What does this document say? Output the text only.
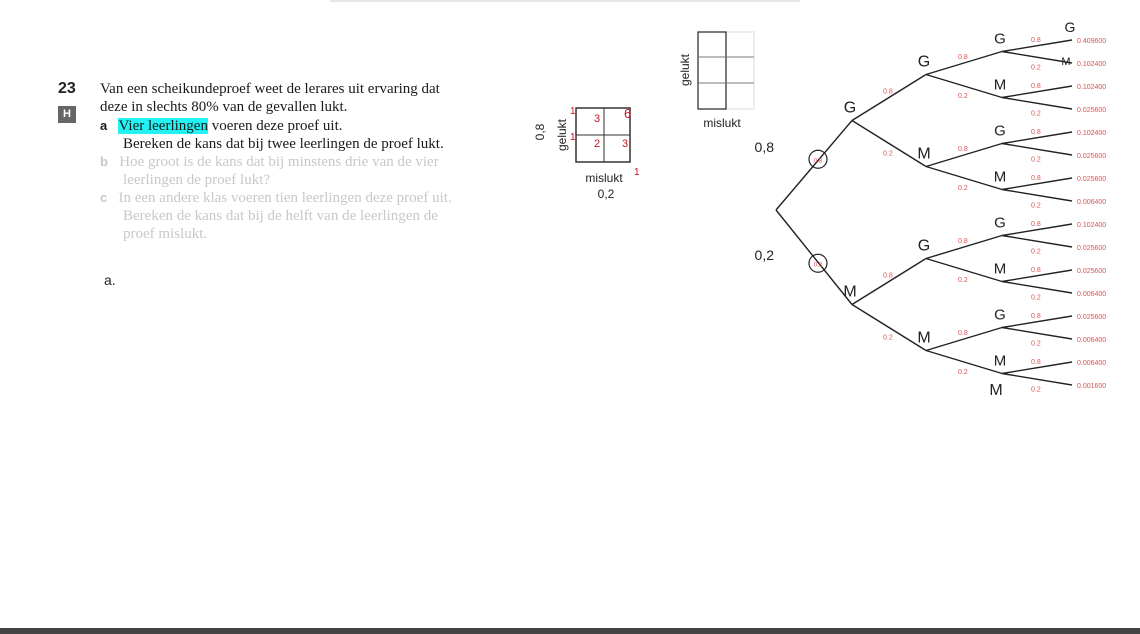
23
H
Van een scheikundeproef weet de lerares uit ervaring dat
deze in slechts 80% van de gevallen lukt.
a Vier leerlingen voeren deze proef uit.
Bereken de kans dat bij twee leerlingen de proef lukt.
b Hoe groot is de kans dat bij minstens drie van de vier
leerlingen de proef lukt?
c In een andere klas voeren tien leerlingen deze proef uit.
Bereken de kans dat bij de helft van de leerlingen de
proef mislukt.
a.
gelukt
mislukt
0,8
0,2
3 6
2 3
1
1
1
gelukt
mislukt
0.8
0,8
G
0.2
0,2
M
0.8
G
0.2 M
0.8
G
0.2 M
0.8
G
0.2
M
0.8
G
0.2
M
0.8
G
0.2
M
0.8
G
0.2
M
0.8	0.409600
G
0.2	0.102400
M
0.8	0.102400
0.2	0.025600
0.8	0.102400
0.2	0.025600
0.8	0.025600
0.2	0.006400
0.8	0.102400
0.2	0.025600
0.8	0.025600
0.2	0.006400
0.8	0.025600
0.2	0.006400
0.8	0.006400
0.2	0.001600
M
